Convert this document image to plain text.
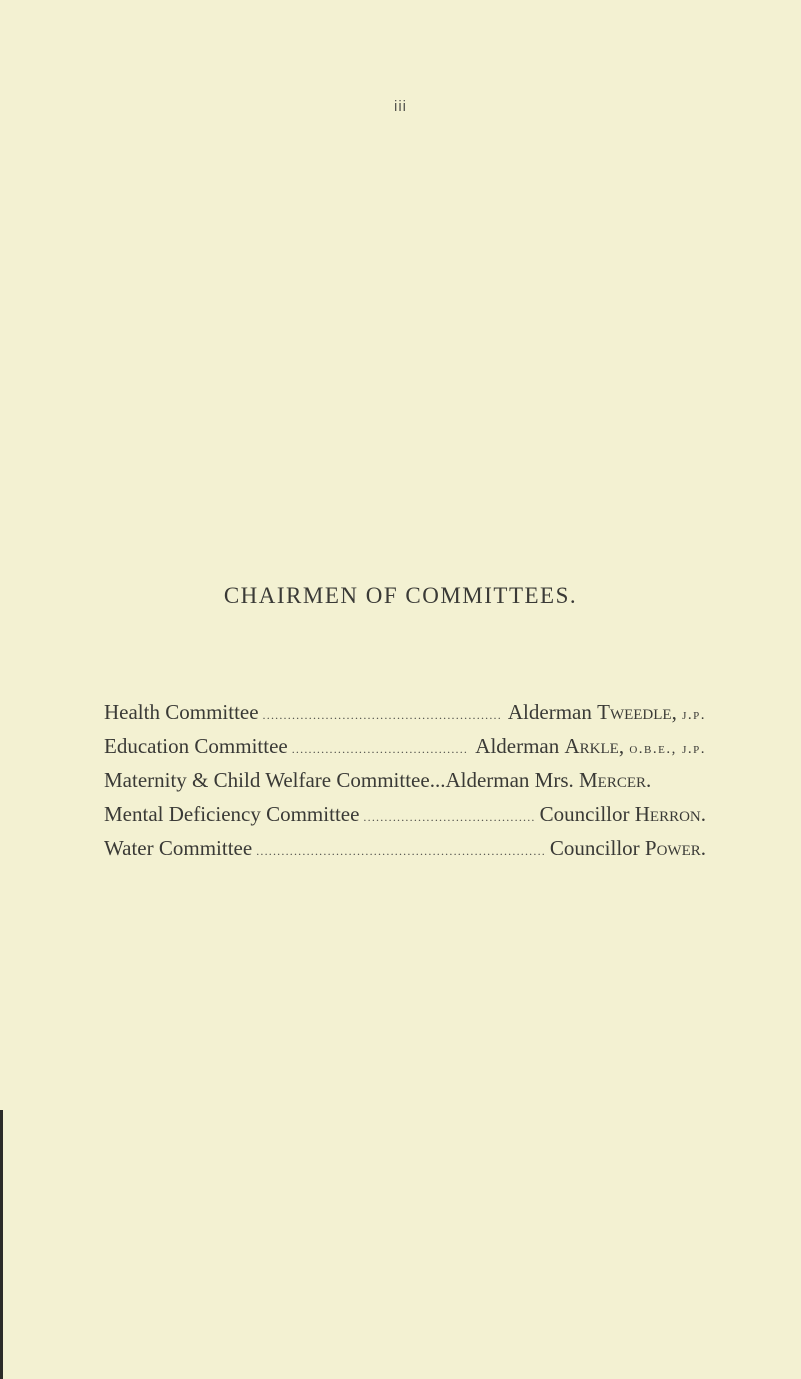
iii
CHAIRMEN OF COMMITTEES.
Health Committee .....	Alderman Tweedle, j.p.
Education Committee .....	Alderman Arkle, o.b.e., j.p.
Maternity & Child Welfare Committee...Alderman Mrs. Mercer.
Mental Deficiency Committee .....	Councillor Herron.
Water Committee .....	Councillor Power.
